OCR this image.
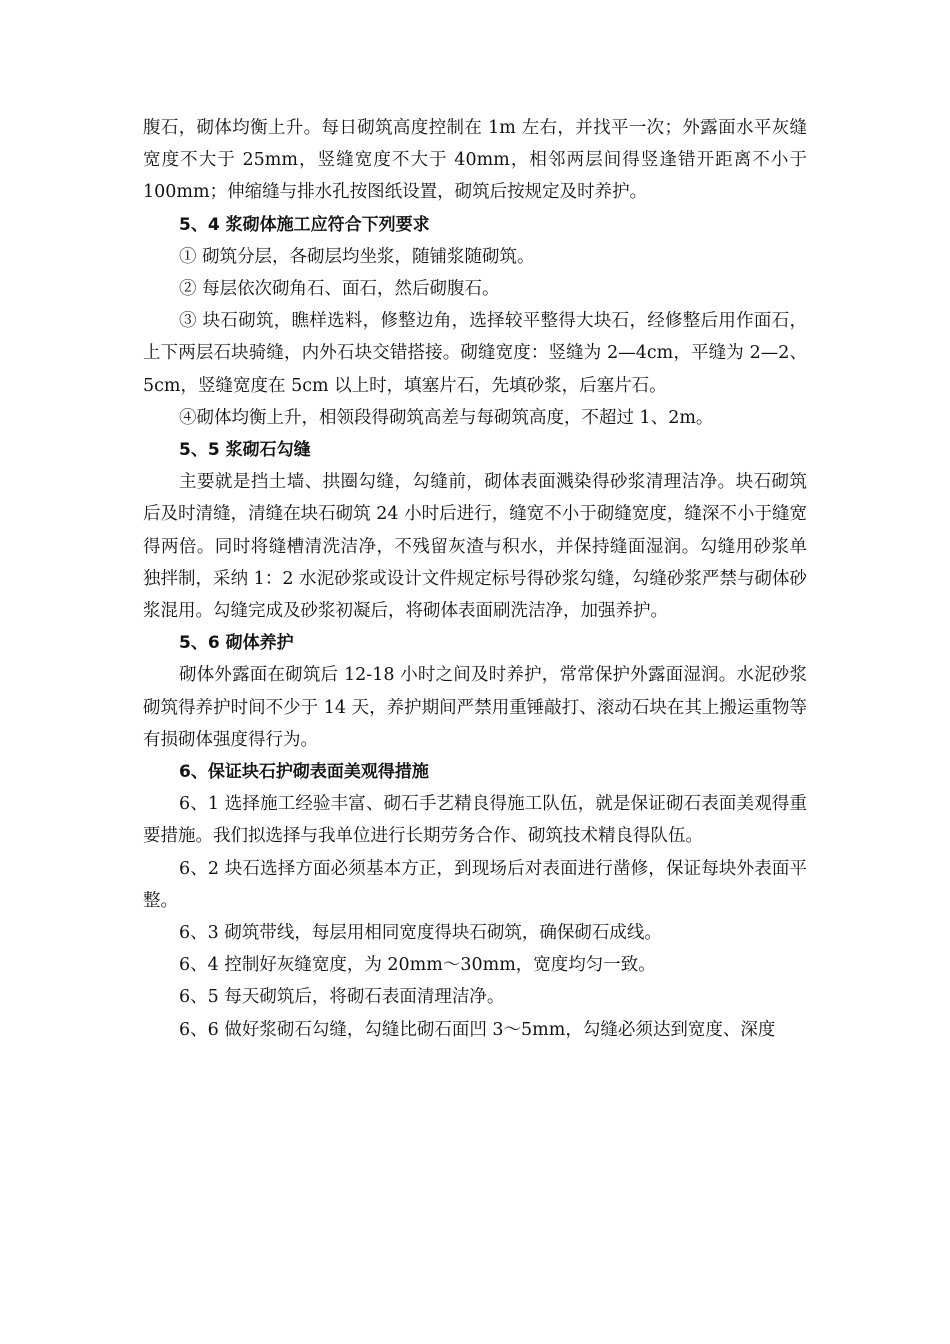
腹石，砌体均衡上升。每日砌筑高度控制在 1m 左右，并找平一次；外露面水平灰缝宽度不大于 25mm，竖缝宽度不大于 40mm，相邻两层间得竖逢错开距离不小于 100mm；伸缩缝与排水孔按图纸设置，砌筑后按规定及时养护。

5、4 浆砌体施工应符合下列要求

① 砌筑分层，各砌层均坐浆，随铺浆随砌筑。

② 每层依次砌角石、面石，然后砌腹石。

③ 块石砌筑，瞧样选料，修整边角，选择较平整得大块石，经修整后用作面石，上下两层石块骑缝，内外石块交错搭接。砌缝宽度：竖缝为 2—4cm，平缝为 2—2、5cm，竖缝宽度在 5cm 以上时，填塞片石，先填砂浆，后塞片石。

④砌体均衡上升，相领段得砌筑高差与每砌筑高度，不超过 1、2m。

5、5 浆砌石勾缝

主要就是挡土墙、拱圈勾缝，勾缝前，砌体表面溅染得砂浆清理洁净。块石砌筑后及时清缝，清缝在块石砌筑 24 小时后进行，缝宽不小于砌缝宽度，缝深不小于缝宽得两倍。同时将缝槽清洗洁净，不残留灰渣与积水，并保持缝面湿润。勾缝用砂浆单独拌制，采纳 1：2 水泥砂浆或设计文件规定标号得砂浆勾缝，勾缝砂浆严禁与砌体砂浆混用。勾缝完成及砂浆初凝后，将砌体表面刷洗洁净，加强养护。

5、6 砌体养护

砌体外露面在砌筑后 12-18 小时之间及时养护，常常保护外露面湿润。水泥砂浆砌筑得养护时间不少于 14 天，养护期间严禁用重锤敲打、滚动石块在其上搬运重物等有损砌体强度得行为。

6、保证块石护砌表面美观得措施

6、1 选择施工经验丰富、砌石手艺精良得施工队伍，就是保证砌石表面美观得重要措施。我们拟选择与我单位进行长期劳务合作、砌筑技术精良得队伍。

6、2 块石选择方面必须基本方正，到现场后对表面进行凿修，保证每块外表面平整。

6、3 砌筑带线，每层用相同宽度得块石砌筑，确保砌石成线。

6、4 控制好灰缝宽度，为 20mm～30mm，宽度均匀一致。

6、5 每天砌筑后，将砌石表面清理洁净。

6、6 做好浆砌石勾缝，勾缝比砌石面凹 3～5mm，勾缝必须达到宽度、深度
